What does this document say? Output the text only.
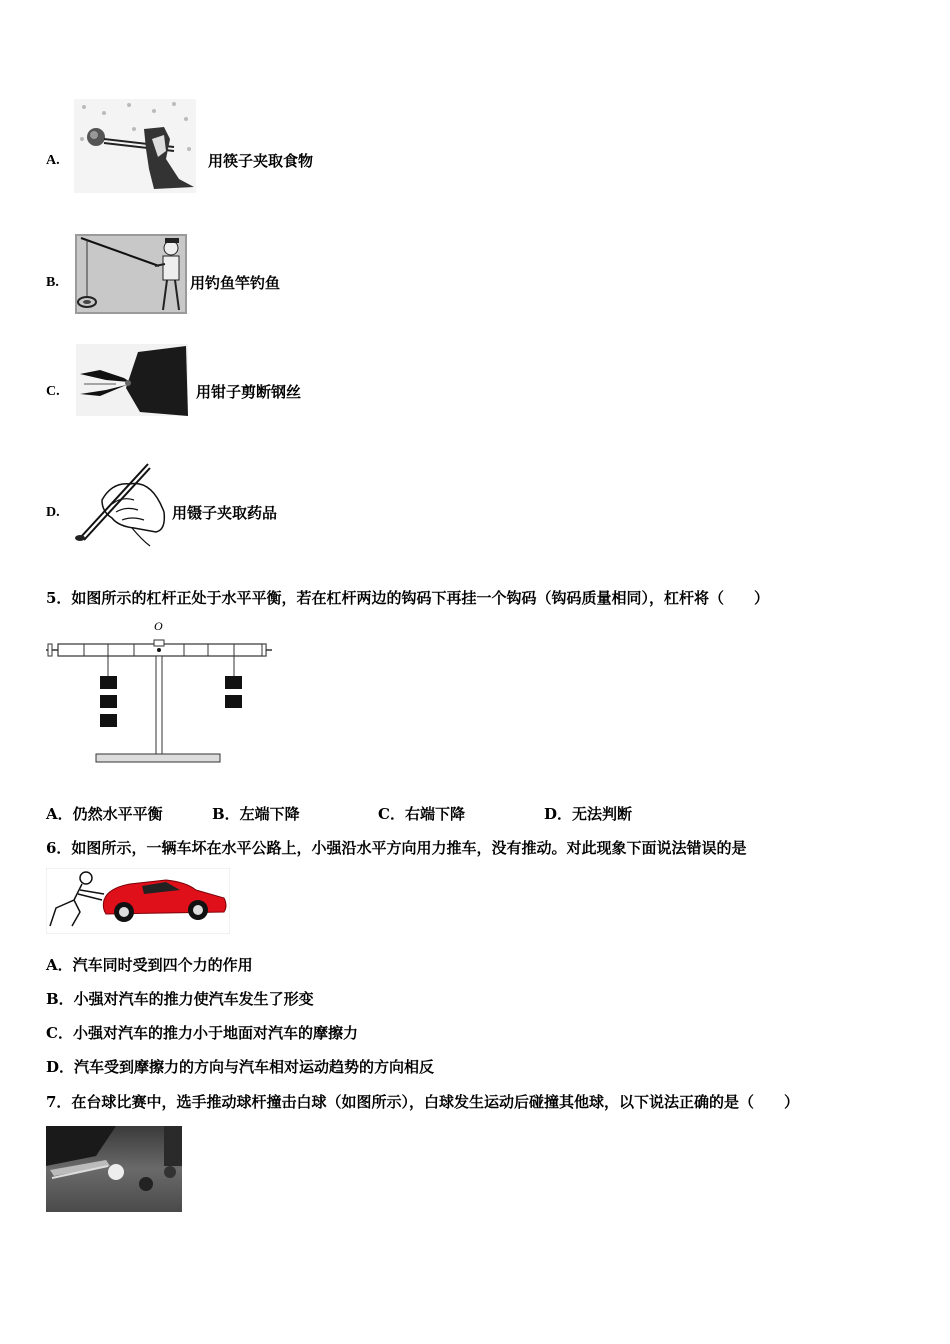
A.	用筷子夹取食物
B.	用钓鱼竿钓鱼
C.	用钳子剪断钢丝
D.	用镊子夹取药品
5．如图所示的杠杆正处于水平平衡，若在杠杆两边的钩码下再挂一个钩码（钩码质量相同），杠杆将（　　）
O
A．仍然水平平衡	B．左端下降	C．右端下降	D．无法判断
6．如图所示，一辆车坏在水平公路上，小强沿水平方向用力推车，没有推动。对此现象下面说法错误的是
A．汽车同时受到四个力的作用
B．小强对汽车的推力使汽车发生了形变
C．小强对汽车的推力小于地面对汽车的摩擦力
D．汽车受到摩擦力的方向与汽车相对运动趋势的方向相反
7．在台球比赛中，选手推动球杆撞击白球（如图所示），白球发生运动后碰撞其他球，以下说法正确的是（　　）
